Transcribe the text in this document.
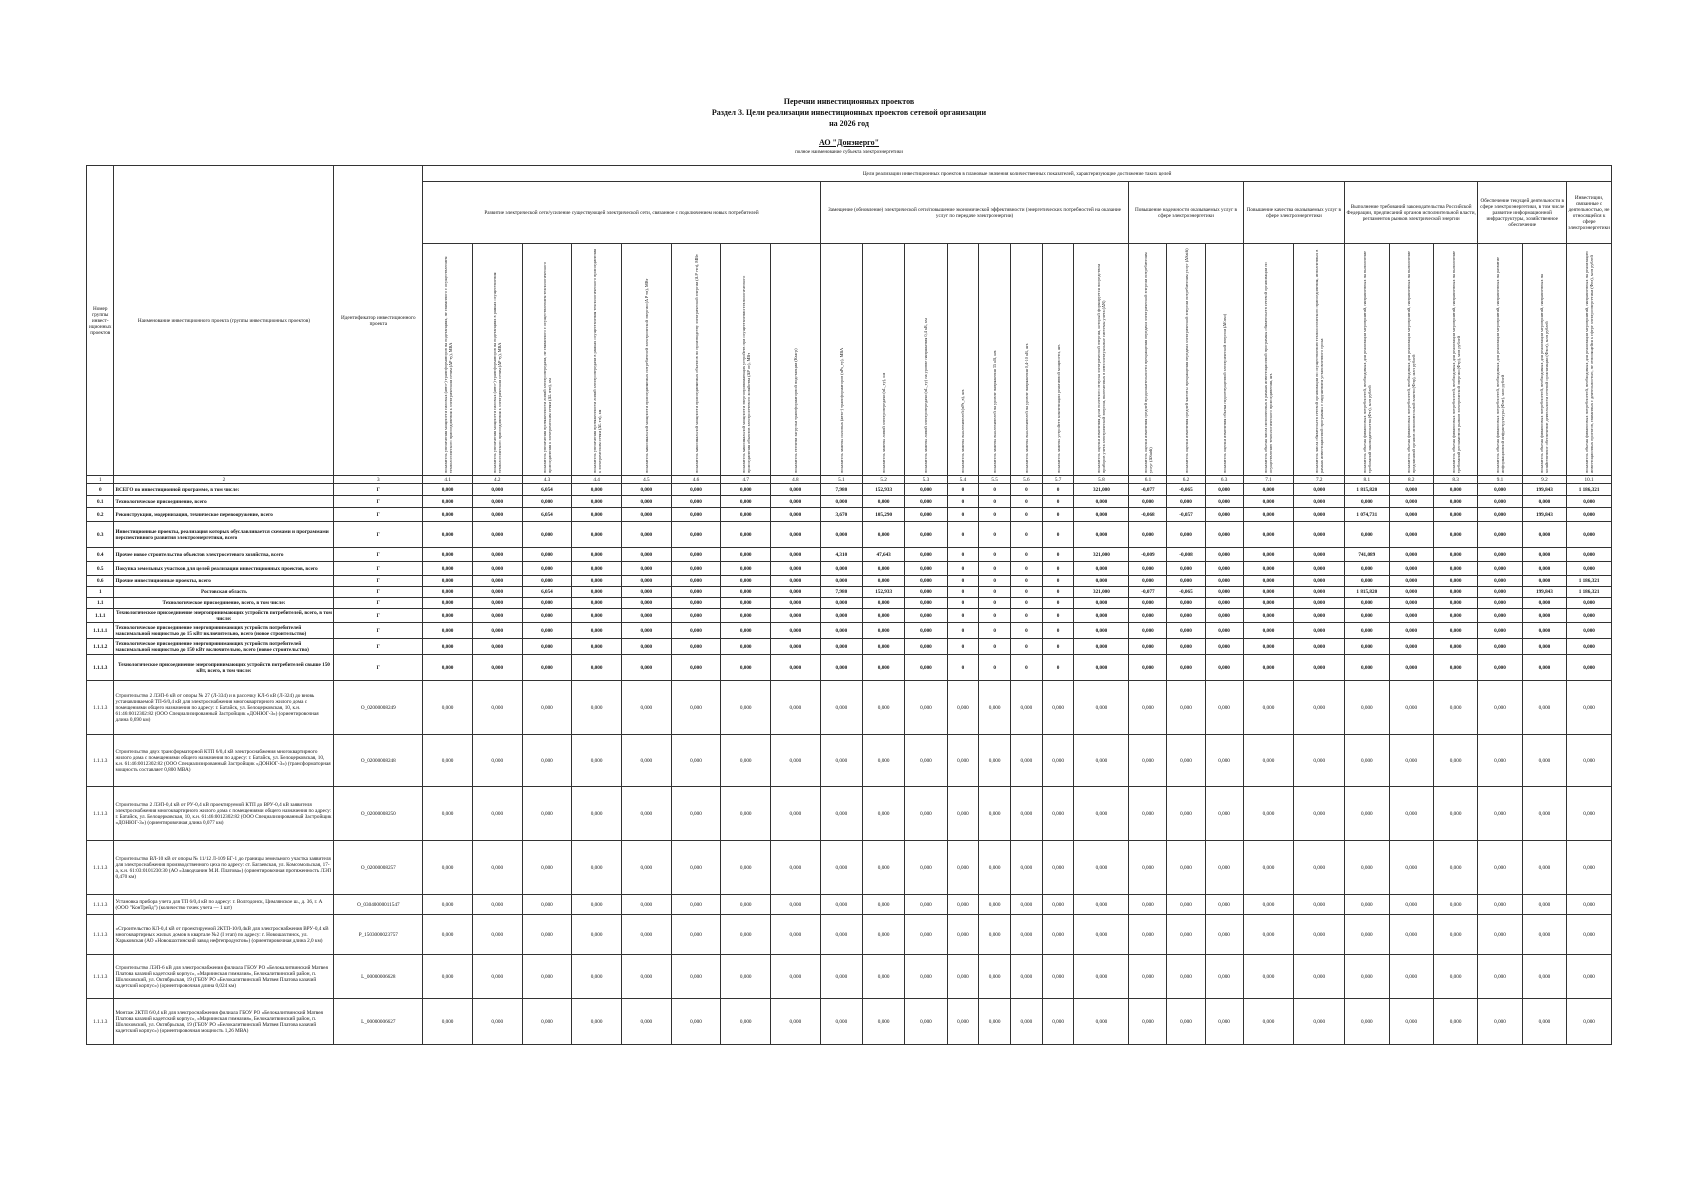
Перечни инвестиционных проектов
Раздел 3. Цели реализации инвестиционных проектов сетевой организации
на 2026 год
АО "Донэнерго"
полное наименование субъекта электроэнергетики
Номер группы инвест-иционных проектов	Наименование инвестиционного проекта (группы инвестиционных проектов)	Идентификатор инвестиционного проекта	Цели реализации инвестиционных проектов в плановые значения количественных показателей, характеризующие достижение таких целей																										
			Развитие электрической сети/усиление существующей электрической сети, связанное с подключением новых потребителей								Замещение (обновление) электрической сети/повышение экономической эффективности (энергетических потребностей на оказание услуг по передаче электроэнергии)								Повышение надежности оказываемых услуг в сфере электроэнергетики			Повышение качества оказываемых услуг в сфере электроэнергетики		Выполнение требований законодательства Российской Федерации, предписаний органов исполнительной власти, регламентов рынков электрической энергии			Обеспечение текущей деятельности в сфере электроэнергетики, в том числе развитие информационной инфраструктуры, хозяйственное обеспечение		Инвестиции, связанные с деятельностью, не относящейся к сфере электроэнергетики

			показатель увеличения мощности силовых (авто-) трансформаторов на подстанциях, не связанного с осуществлением технологического присоединения к электрическим сетям (ΔP ту), МВА	показатель увеличения мощности силовых (авто-) трансформаторов на подстанциях в рамках осуществления технологического присоединения к электрическим сетям (ΔP ту), МВА	показатель увеличения протяженности линий электропередачи, не связанного с осуществлением технологического присоединения к электрическим сетям (ΔL нтп), км	показатель увеличения протяженности линий электропередачи в рамках осуществления технологического присоединения к электрическим сетям (ΔL тп), км	показатель максимальной мощности присоединяемых потребителей электрической энергии (Δ Р тп), МВт	показатель максимальной мощности присоединяемых объектов по производству электрической энергии (Δ Р гтп), МВт	показатель максимальной мощности энергопринимающих устройств при осуществлении технологического присоединения объектов электросетевого хозяйства (ΔΡ ос), МВт	показатель степени загрузки трансформаторной подстанции (Кзагр)	показатель замены силовых (авто-) трансформаторов (nPs_ту), МВА	показатель замены линий электропередачи (nL_ту), км	показатель замены линий электропередачи (nL_ту) на уровне напряжения 0,4 кВ, км	показатель замены выключателей (nPs_в), шт.	показатель замены выключателей на уровне напряжения 35 кВ, шт.	показатель замены выключателей на уровне напряжения 0,4-10 кВ, шт.	показатель замены устройств компенсации реактивной мощности, шт.	показатель оценки изменения доли полезного отпуска электрической энергии, который формируется посредством приборов учета электрической энергии, включенных в интеллектуальные системы учета (ΔΝ)	показатель оценки изменения средней продолжительности прекращения передачи электрической энергии потребителям услуг (ΔSaidi)	показатель оценки изменения средней частоты прекращения передачи электрической энергии потребителям услуг (ΔSaifi)	показатель оценки изменения объема недоотпущенной электрической энергии (ΔEnso)	показатель объема числа исполненных в рамках инвестиционной программы обязательств сетевой организации по осуществлению технологического присоединения, шт.	показатель числа обязательств сетевой организации по осуществлению технологического присоединения, исполненных в рамках инвестиционной программы с нарушением установленного срока	показатель объема финансовых потребностей, необходимых для реализации мероприятий, направленных на выполнение требований законодательства (Фтз), млн рублей	показатель объема финансовых потребностей, необходимых для реализации мероприятий, направленных на выполнение предписаний органов исполнительной власти (Фпр), млн рублей	показатель объема финансовых потребностей, необходимых для реализации мероприятий, направленных на выполнение требований регламентов рынков электрической энергии (Фтр), млн рублей	показатель объема финансовых потребностей, необходимых для реализации мероприятий, направленных на развитие информационной инфраструктуры (Фит), млн рублей	показатель объема финансовых потребностей, необходимых для реализации мероприятий, направленных на хозяйственное обеспечение деятельности сетевой организации (Фхоз), млн рублей	показатель объема финансовых потребностей, необходимых для реализации мероприятий, направленных на реализацию инвестиционных проектов, связанных с деятельностью, не относящейся к сфере электроэнергетики (Фнэ), млн рублей

1	2	3	4.1	4.2	4.3	4.4	4.5	4.6	4.7	4.8	5.1	5.2	5.3	5.4	5.5	5.6	5.7	5.8	6.1	6.2	6.3	7.1	7.2	8.1	8.2	8.3	9.1	9.2	10.1
0	ВСЕГО по инвестиционной программе, в том числе:	Г	0,000	0,000	6,054	0,000	0,000	0,000	0,000	0,000	7,980	152,933	0,000	0	0	0	0	321,000	-0,077	-0,065	0,000	0,000	0,000	1 815,820	0,000	0,000	0,000	199,843	1 186,321
0.1	Технологическое присоединение, всего	Г	0,000	0,000	0,000	0,000	0,000	0,000	0,000	0,000	0,000	0,000	0,000	0	0	0	0	0,000	0,000	0,000	0,000	0,000	0,000	0,000	0,000	0,000	0,000	0,000	0,000
0.2	Реконструкция, модернизация, техническое перевооружение, всего	Г	0,000	0,000	6,054	0,000	0,000	0,000	0,000	0,000	3,670	105,290	0,000	0	0	0	0	0,000	-0,068	-0,057	0,000	0,000	0,000	1 074,731	0,000	0,000	0,000	199,843	0,000
0.3	Инвестиционные проекты, реализация которых обуславливается схемами и программами перспективного развития электроэнергетики, всего	Г	0,000	0,000	0,000	0,000	0,000	0,000	0,000	0,000	0,000	0,000	0,000	0	0	0	0	0,000	0,000	0,000	0,000	0,000	0,000	0,000	0,000	0,000	0,000	0,000	0,000
0.4	Прочее новое строительство объектов электросетевого хозяйства, всего	Г	0,000	0,000	0,000	0,000	0,000	0,000	0,000	0,000	4,310	47,643	0,000	0	0	0	0	321,000	-0,009	-0,008	0,000	0,000	0,000	741,089	0,000	0,000	0,000	0,000	0,000
0.5	Покупка земельных участков для целей реализации инвестиционных проектов, всего	Г	0,000	0,000	0,000	0,000	0,000	0,000	0,000	0,000	0,000	0,000	0,000	0	0	0	0	0,000	0,000	0,000	0,000	0,000	0,000	0,000	0,000	0,000	0,000	0,000	0,000
0.6	Прочие инвестиционные проекты, всего	Г	0,000	0,000	0,000	0,000	0,000	0,000	0,000	0,000	0,000	0,000	0,000	0	0	0	0	0,000	0,000	0,000	0,000	0,000	0,000	0,000	0,000	0,000	0,000	0,000	1 186,321
1	Ростовская область	Г	0,000	0,000	6,054	0,000	0,000	0,000	0,000	0,000	7,980	152,933	0,000	0	0	0	0	321,000	-0,077	-0,065	0,000	0,000	0,000	1 815,820	0,000	0,000	0,000	199,843	1 186,321
1.1	Технологическое присоединение, всего, в том числе:	Г	0,000	0,000	0,000	0,000	0,000	0,000	0,000	0,000	0,000	0,000	0,000	0	0	0	0	0,000	0,000	0,000	0,000	0,000	0,000	0,000	0,000	0,000	0,000	0,000	0,000
1.1.1	Технологическое присоединение энергопринимающих устройств потребителей, всего, в том числе:	Г	0,000	0,000	0,000	0,000	0,000	0,000	0,000	0,000	0,000	0,000	0,000	0	0	0	0	0,000	0,000	0,000	0,000	0,000	0,000	0,000	0,000	0,000	0,000	0,000	0,000
1.1.1.1	Технологическое присоединение энергопринимающих устройств потребителей максимальной мощностью до 15 кВт включительно, всего (новое строительство)	Г	0,000	0,000	0,000	0,000	0,000	0,000	0,000	0,000	0,000	0,000	0,000	0	0	0	0	0,000	0,000	0,000	0,000	0,000	0,000	0,000	0,000	0,000	0,000	0,000	0,000
1.1.1.2	Технологическое присоединение энергопринимающих устройств потребителей максимальной мощностью до 150 кВт включительно, всего (новое строительство)	Г	0,000	0,000	0,000	0,000	0,000	0,000	0,000	0,000	0,000	0,000	0,000	0	0	0	0	0,000	0,000	0,000	0,000	0,000	0,000	0,000	0,000	0,000	0,000	0,000	0,000
1.1.1.3	Технологическое присоединение энергопринимающих устройств потребителей свыше 150 кВт, всего, в том числе:	Г	0,000	0,000	0,000	0,000	0,000	0,000	0,000	0,000	0,000	0,000	0,000	0	0	0	0	0,000	0,000	0,000	0,000	0,000	0,000	0,000	0,000	0,000	0,000	0,000	0,000
1.1.1.3	Строительство 2 ЛЭП-6 кВ от опоры № 27 (Л-334) и в рассечку КЛ-6 кВ (Л-324) до вновь устанавливаемой ТП-6/0,4 кВ для электроснабжения многоквартирного жилого дома с помещениями общего назначения по адресу: г. Батайск, ул. Белоцерковская, 10, к.н. 61:46:0012302:82 (ООО Специализированный Застройщик «ДОНЮГ-3») (ориентировочная длина 0,690 км)	O_02000008249	0,000	0,000	0,000	0,000	0,000	0,000	0,000	0,000	0,000	0,000	0,000	0,000	0,000	0,000	0,000	0,000	0,000	0,000	0,000	0,000	0,000	0,000	0,000	0,000	0,000	0,000	0,000
1.1.1.3	Строительство двух трансформаторной КТП 6/0,4 кВ электроснабжения многоквартирного жилого дома с помещениями общего назначения по адресу: г. Батайск, ул. Белоцерковская, 10, к.н. 61:46:0012302:82 (ООО Специализированный Застройщик «ДОНЮГ-3») (трансформаторная мощность составляет 0,800 МВА)	O_02000008248	0,000	0,000	0,000	0,000	0,000	0,000	0,000	0,000	0,000	0,000	0,000	0,000	0,000	0,000	0,000	0,000	0,000	0,000	0,000	0,000	0,000	0,000	0,000	0,000	0,000	0,000	0,000
1.1.1.3	Строительство 2 ЛЭП-0,4 кВ от РУ-0,4 кВ проектируемой КТП до ВРУ-0,4 кВ заявителя электроснабжения многоквартирного жилого дома с помещениями общего назначения по адресу: г. Батайск, ул. Белоцерковская, 10, к.н. 61:46:0012302:82 (ООО Специализированный Застройщик «ДОНЮГ-3») (ориентировочная длина 0,077 км)	O_02000008250	0,000	0,000	0,000	0,000	0,000	0,000	0,000	0,000	0,000	0,000	0,000	0,000	0,000	0,000	0,000	0,000	0,000	0,000	0,000	0,000	0,000	0,000	0,000	0,000	0,000	0,000	0,000
1.1.1.3	Строительство ВЛ-10 кВ от опоры № 11/12 Л-109 БГ-1 до границы земельного участка заявителя для электроснабжения производственного цеха по адресу: ст. Багаевская, ул. Комсомольская, 17-а, к.н. 61:03:0101230:30 (АО «Заводчанин М.И. Платова») (ориентировочная протяженность ЛЭП 0,470 км)	O_02000008257	0,000	0,000	0,000	0,000	0,000	0,000	0,000	0,000	0,000	0,000	0,000	0,000	0,000	0,000	0,000	0,000	0,000	0,000	0,000	0,000	0,000	0,000	0,000	0,000	0,000	0,000	0,000
1.1.1.3	Установка прибора учета для ТП 6/0,4 кВ по адресу: г. Волгодонск, Цимлянское ш., д. 36, г. А (ООО "КонТрейд") (количество точек учета — 1 шт)	O_03040000011547	0,000	0,000	0,000	0,000	0,000	0,000	0,000	0,000	0,000	0,000	0,000	0,000	0,000	0,000	0,000	0,000	0,000	0,000	0,000	0,000	0,000	0,000	0,000	0,000	0,000	0,000	0,000
1.1.1.3	«Строительство КЛ-0,4 кВ от проектируемой 2КТП-10/0,4кВ для электроснабжения ВРУ-0,4 кВ многоквартирных жилых домов в квартале №2 (I этап) по адресу: г. Новошахтинск, ул. Харьковская (АО «Новошахтинский завод нефтепродуктов») (ориентировочная длина 2,0 км)	P_1503000023757	0,000	0,000	0,000	0,000	0,000	0,000	0,000	0,000	0,000	0,000	0,000	0,000	0,000	0,000	0,000	0,000	0,000	0,000	0,000	0,000	0,000	0,000	0,000	0,000	0,000	0,000	0,000
1.1.1.3	Строительство ЛЭП-6 кВ для электроснабжения филиала ГБОУ РО «Белокалитвинский Матвея Платова казачий кадетский корпус», «Мариинская гимназия», Белокалитвинский район, п. Шолоховский, ул. Октябрьская, 19 (ГБОУ РО «Белокалитвинский Матвея Платова казачий кадетский корпус») (ориентировочная длина 0,024 км)	L_00000006628	0,000	0,000	0,000	0,000	0,000	0,000	0,000	0,000	0,000	0,000	0,000	0,000	0,000	0,000	0,000	0,000	0,000	0,000	0,000	0,000	0,000	0,000	0,000	0,000	0,000	0,000	0,000
1.1.1.3	Монтаж 2КТП 6/0,4 кВ для электроснабжения филиала ГБОУ РО «Белокалитвинский Матвея Платова казачий кадетский корпус», «Мариинская гимназия», Белокалитвинский район, п. Шолоховский, ул. Октябрьская, 19 (ГБОУ РО «Белокалитвинский Матвея Платова казачий кадетский корпус») (ориентировочная мощность 1,26 МВА)	L_00000006627	0,000	0,000	0,000	0,000	0,000	0,000	0,000	0,000	0,000	0,000	0,000	0,000	0,000	0,000	0,000	0,000	0,000	0,000	0,000	0,000	0,000	0,000	0,000	0,000	0,000	0,000	0,000
